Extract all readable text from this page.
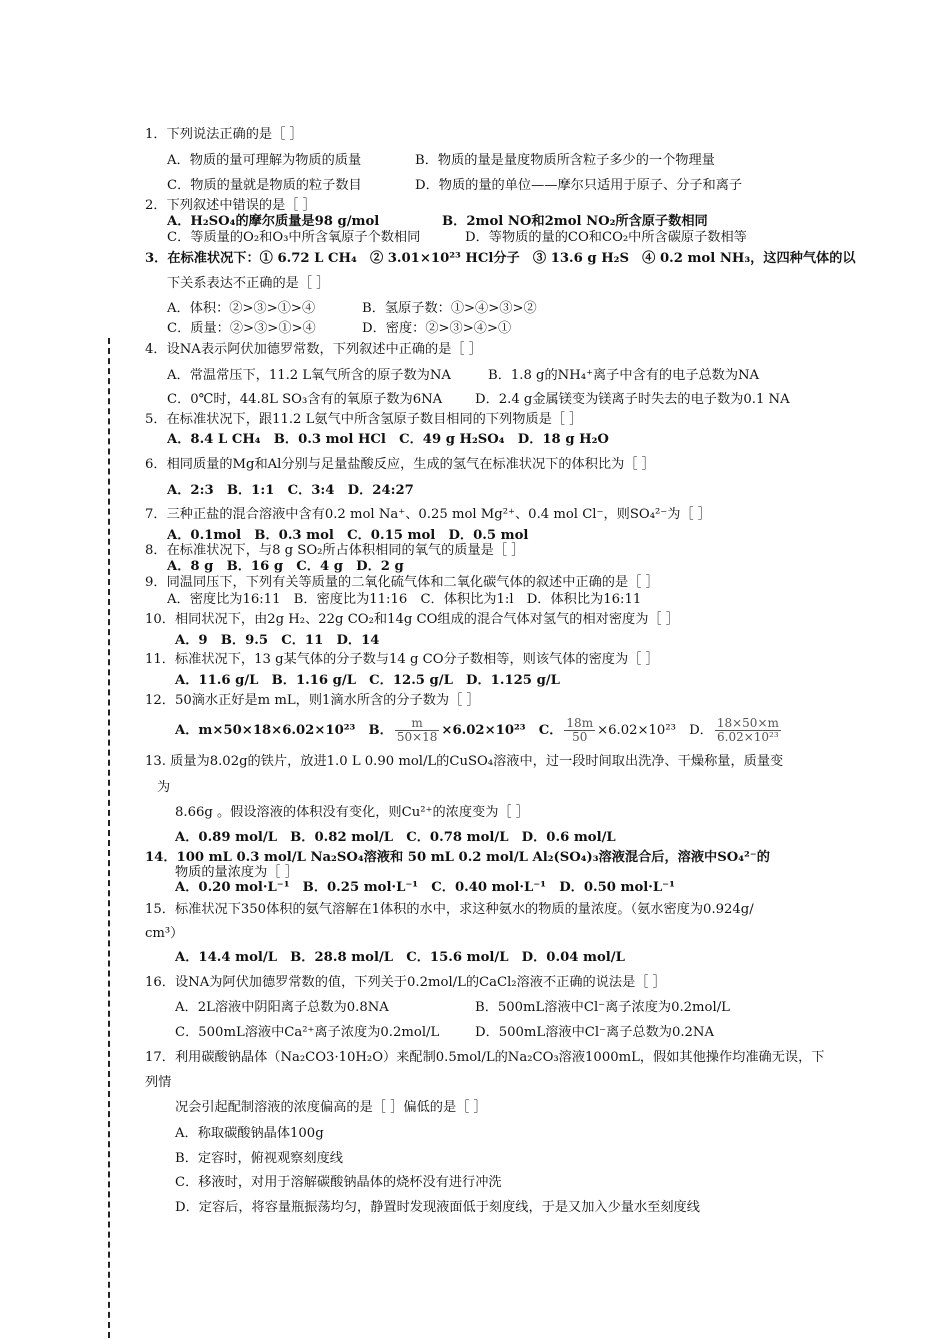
1．下列说法正确的是［ ］
A．物质的量可理解为物质的质量	B．物质的量是量度物质所含粒子多少的一个物理量
C．物质的量就是物质的粒子数目	D．物质的量的单位——摩尔只适用于原子、分子和离子
2．下列叙述中错误的是［ ］
A．H₂SO₄的摩尔质量是98 g/mol	B．2mol NO和2mol NO₂所含原子数相同
C．等质量的O₂和O₃中所含氧原子个数相同	D．等物质的量的CO和CO₂中所含碳原子数相等
3．在标准状况下：① 6.72 L CH₄　② 3.01×10²³ HCl分子　③ 13.6 g H₂S　④ 0.2 mol NH₃，这四种气体的以
下关系表达不正确的是［ ］
A．体积：②>③>①>④	B．氢原子数：①>④>③>②
C．质量：②>③>①>④	D．密度：②>③>④>①
4．设NA表示阿伏加德罗常数，下列叙述中正确的是［ ］
A．常温常压下，11.2 L氧气所含的原子数为NA	B．1.8 g的NH₄⁺离子中含有的电子总数为NA
C．0℃时，44.8L SO₃含有的氧原子数为6NA D．2.4 g金属镁变为镁离子时失去的电子数为0.1 NA
5．在标准状况下，跟11.2 L氨气中所含氢原子数目相同的下列物质是［ ］
A．8.4 L CH₄　B．0.3 mol HCl　C．49 g H₂SO₄　D．18 g H₂O
6．相同质量的Mg和Al分别与足量盐酸反应，生成的氢气在标准状况下的体积比为［ ］
A．2:3　B．1:1　C．3:4　D．24:27
7．三种正盐的混合溶液中含有0.2 mol Na⁺、0.25 mol Mg²⁺、0.4 mol Cl⁻，则SO₄²⁻为［ ］
A．0.1mol　B．0.3 mol　C．0.15 mol　D．0.5 mol
8．在标准状况下，与8 g SO₂所占体积相同的氧气的质量是［ ］
A．8 g　B．16 g　C．4 g　D．2 g
9．同温同压下，下列有关等质量的二氧化硫气体和二氧化碳气体的叙述中正确的是［ ］
A．密度比为16:11　B．密度比为11:16　C．体积比为1:l　D．体积比为16:11
10．相同状况下，由2g H₂、22g CO₂和14g CO组成的混合气体对氢气的相对密度为［ ］
A．9　B．9.5　C．11　D．14
11．标准状况下，13 g某气体的分子数与14 g CO分子数相等，则该气体的密度为［ ］
A．11.6 g/L　B．1.16 g/L　C．12.5 g/L　D．1.125 g/L
12．50滴水正好是m mL，则1滴水所含的分子数为［ ］
A．m×50×18×6.02×10²³　B． $\frac{m}{50\times 18} \times 6.02\times 10^{23}$　C． $\frac{18m}{50} \times 6.02\times 10^{23}$　D． $\frac{18\times 50\times m}{\text{6.02×10²³}}$
13. 质量为8.02g的铁片，放进1.0 L 0.90 mol/L的CuSO₄溶液中，过一段时间取出洗净、干燥称量，质量变
为
8.66g 。假设溶液的体积没有变化，则Cu²⁺的浓度变为［ ］
A．0.89 mol/L　B．0.82 mol/L　C．0.78 mol/L　D．0.6 mol/L
14．100 mL 0.3 mol/L Na₂SO₄溶液和 50 mL 0.2 mol/L Al₂(SO₄)₃溶液混合后，溶液中SO₄²⁻的
物质的量浓度为［ ］
A．0.20 mol·L⁻¹　B．0.25 mol·L⁻¹　C．0.40 mol·L⁻¹　D．0.50 mol·L⁻¹
15．标准状况下350体积的氨气溶解在1体积的水中，求这种氨水的物质的量浓度。（氨水密度为0.924g/
cm³）
A．14.4 mol/L　B．28.8 mol/L　C．15.6 mol/L　D．0.04 mol/L
16．设NA为阿伏加德罗常数的值，下列关于0.2mol/L的CaCl₂溶液不正确的说法是［ ］
A．2L溶液中阴阳离子总数为0.8NA	B．500mL溶液中Cl⁻离子浓度为0.2mol/L
C．500mL溶液中Ca²⁺离子浓度为0.2mol/L	D．500mL溶液中Cl⁻离子总数为0.2NA
17．利用碳酸钠晶体（Na₂CO3·10H₂O）来配制0.5mol/L的Na₂CO₃溶液1000mL，假如其他操作均准确无误，下
列情
况会引起配制溶液的浓度偏高的是［ ］偏低的是［ ］
A．称取碳酸钠晶体100g
B．定容时，俯视观察刻度线
C．移液时，对用于溶解碳酸钠晶体的烧杯没有进行冲洗
D．定容后，将容量瓶振荡均匀，静置时发现液面低于刻度线，于是又加入少量水至刻度线
